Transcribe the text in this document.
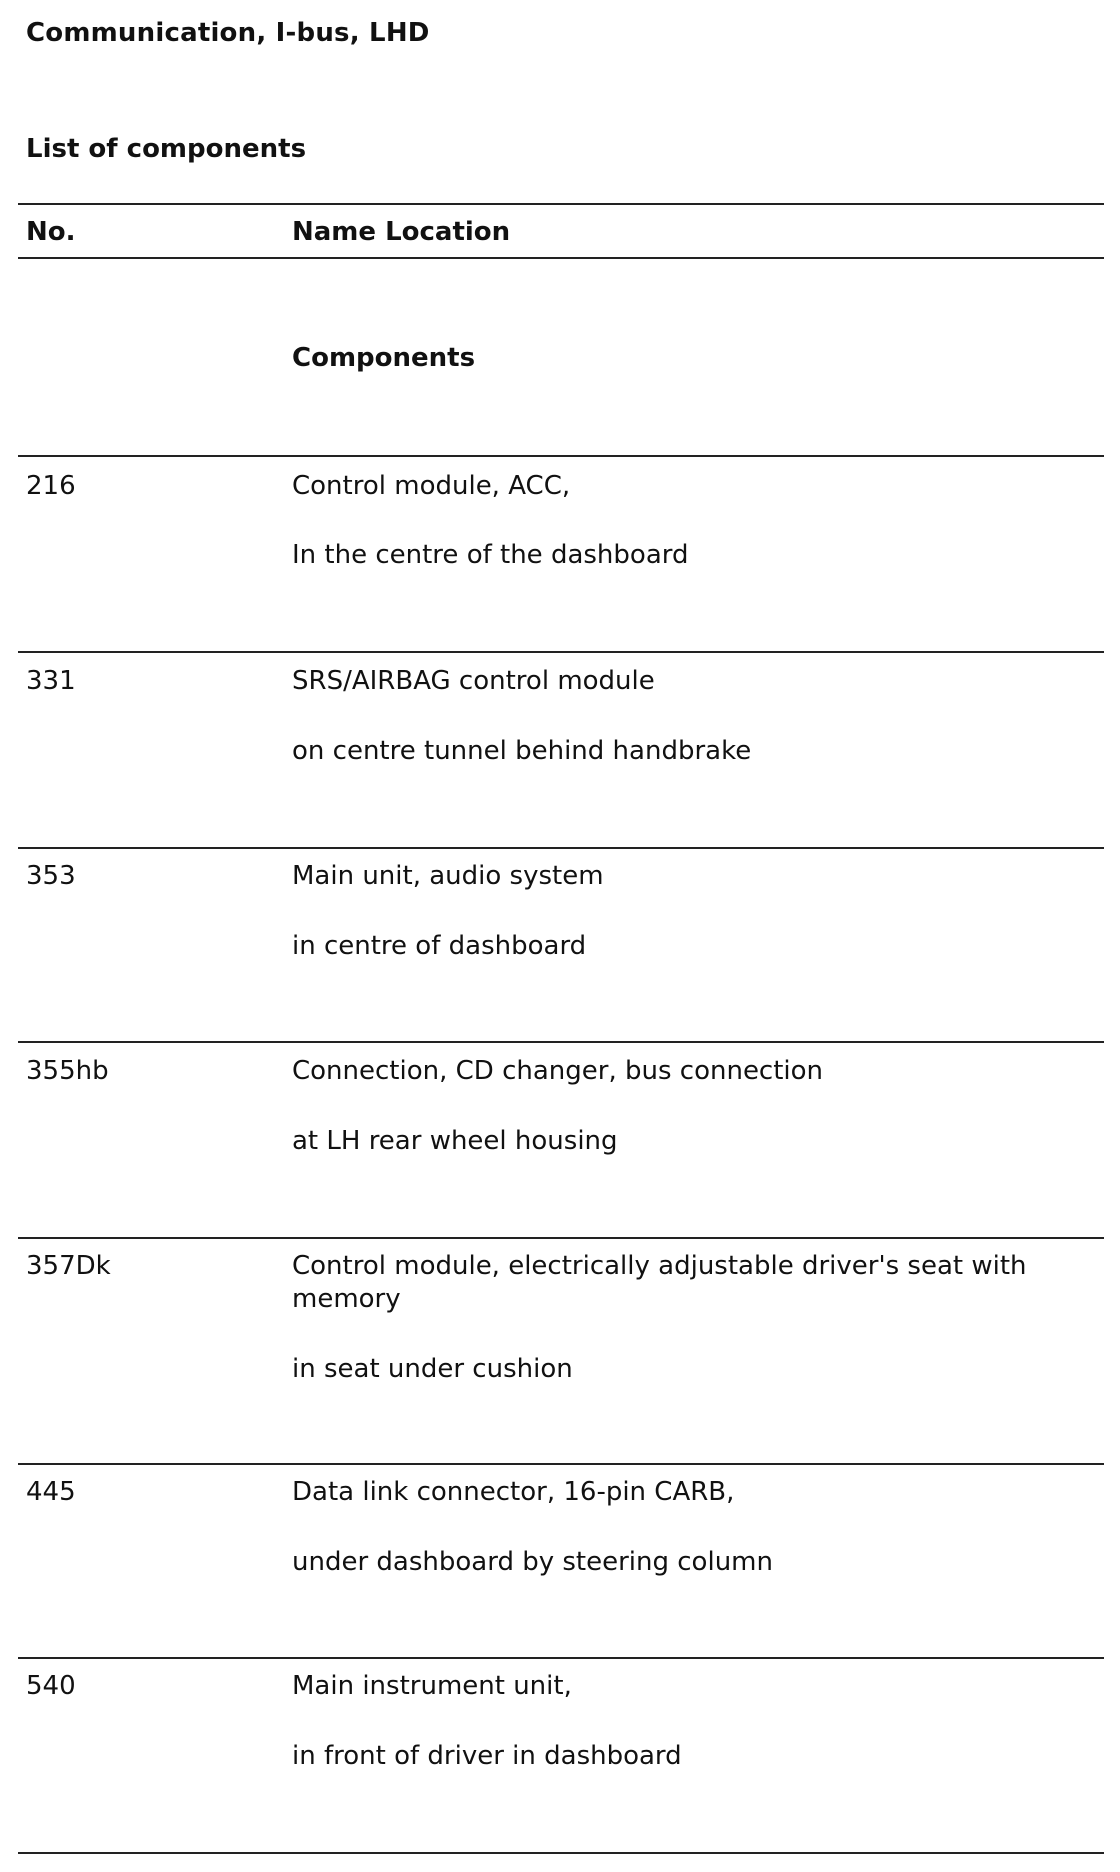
Communication, I-bus, LHD
List of components
No.	Name Location
Components
216	Control module, ACC,
In the centre of the dashboard
331	SRS/AIRBAG control module
on centre tunnel behind handbrake
353	Main unit, audio system
in centre of dashboard
355hb	Connection, CD changer, bus connection
at LH rear wheel housing
357Dk	Control module, electrically adjustable driver's seat with memory
in seat under cushion
445	Data link connector, 16-pin CARB,
under dashboard by steering column
540	Main instrument unit,
in front of driver in dashboard
